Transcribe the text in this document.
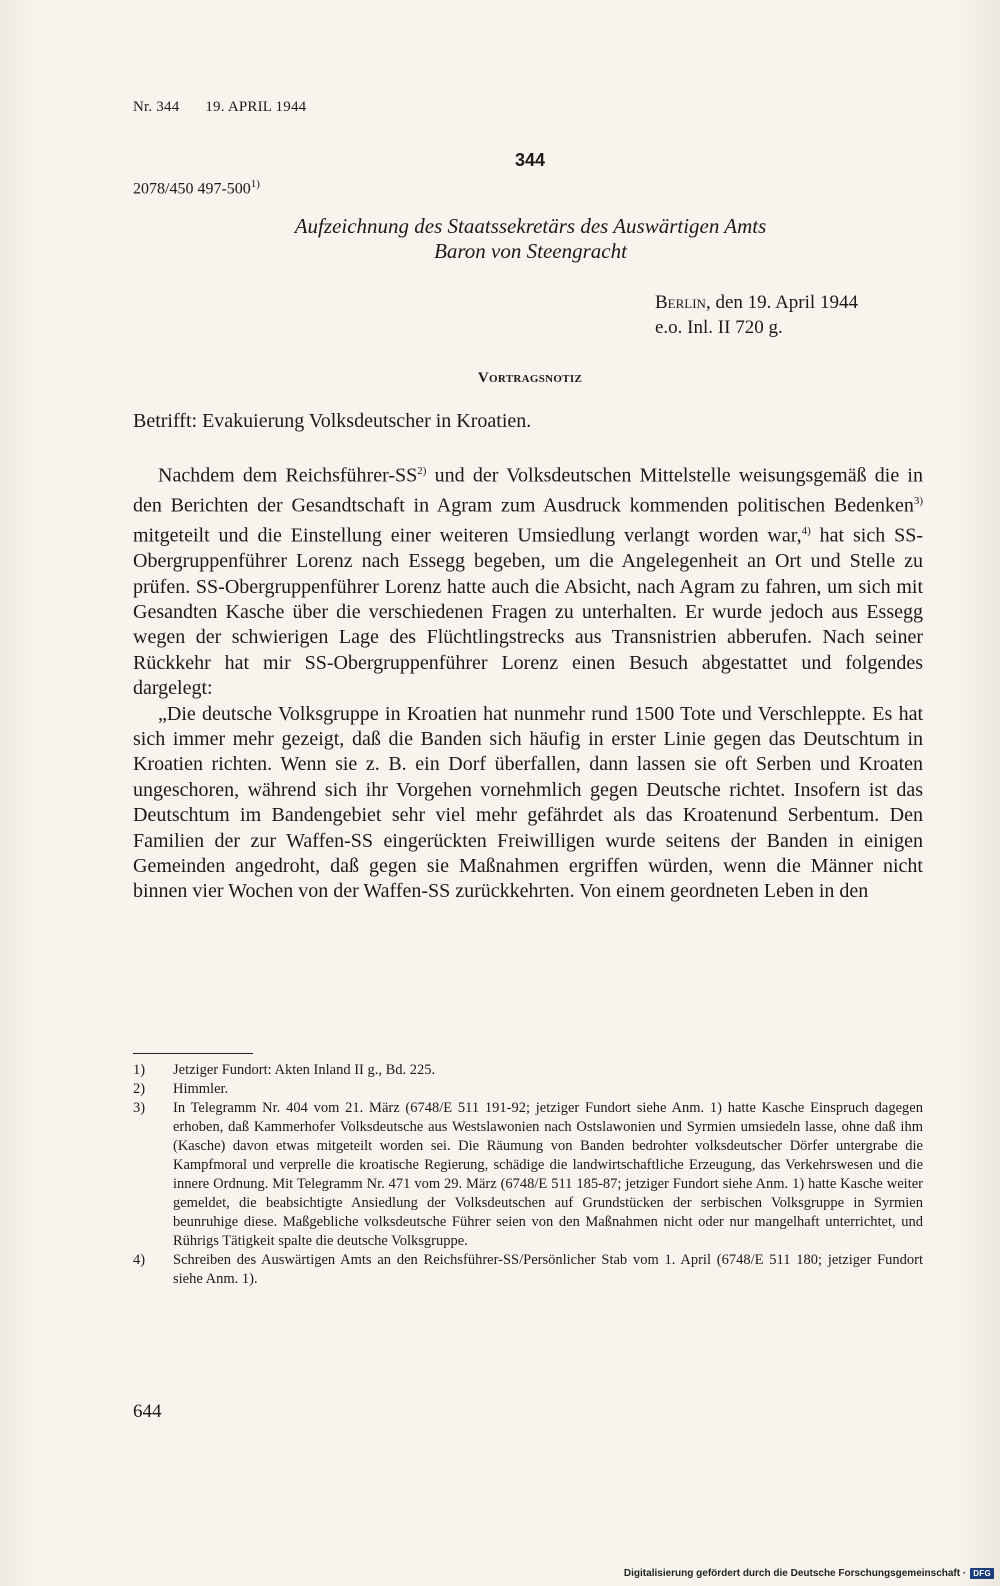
Nr. 344 19. APRIL 1944
344
2078/450 497-500$^{1)}$
Aufzeichnung des Staatssekretärs des Auswärtigen Amts
Baron von Steengracht
Berlin, den 19. April 1944
e.o. Inl. II 720 g.
Vortragsnotiz
Betrifft: Evakuierung Volksdeutscher in Kroatien.

Nachdem dem Reichsführer-SS$^{2)}$ und der Volksdeutschen Mittelstelle weisungsgemäß die in den Berichten der Gesandtschaft in Agram zum Ausdruck kommenden politischen Bedenken$^{3)}$ mitgeteilt und die Einstellung einer weiteren Umsiedlung verlangt worden war,$^{4)}$ hat sich SS-Obergruppenführer Lorenz nach Essegg begeben, um die Angelegenheit an Ort und Stelle zu prüfen. SS-Obergruppenführer Lorenz hatte auch die Absicht, nach Agram zu fahren, um sich mit Gesandten Kasche über die verschiedenen Fragen zu unterhalten. Er wurde jedoch aus Essegg wegen der schwierigen Lage des Flüchtlingstrecks aus Transnistrien abberufen. Nach seiner Rückkehr hat mir SS-Obergruppenführer Lorenz einen Besuch abgestattet und folgendes dargelegt:

„Die deutsche Volksgruppe in Kroatien hat nunmehr rund 1500 Tote und Verschleppte. Es hat sich immer mehr gezeigt, daß die Banden sich häufig in erster Linie gegen das Deutschtum in Kroatien richten. Wenn sie z. B. ein Dorf überfallen, dann lassen sie oft Serben und Kroaten ungeschoren, während sich ihr Vorgehen vornehmlich gegen Deutsche richtet. Insofern ist das Deutschtum im Bandengebiet sehr viel mehr gefährdet als das Kroatenund Serbentum. Den Familien der zur Waffen-SS eingerückten Freiwilligen wurde seitens der Banden in einigen Gemeinden angedroht, daß gegen sie Maßnahmen ergriffen würden, wenn die Männer nicht binnen vier Wochen von der Waffen-SS zurückkehrten. Von einem geordneten Leben in den

1)	Jetziger Fundort: Akten Inland II g., Bd. 225.
2)	Himmler.
3)	In Telegramm Nr. 404 vom 21. März (6748/E 511 191-92; jetziger Fundort siehe Anm. 1) hatte Kasche Einspruch dagegen erhoben, daß Kammerhofer Volksdeutsche aus Westslawonien nach Ostslawonien und Syrmien umsiedeln lasse, ohne daß ihm (Kasche) davon etwas mitgeteilt worden sei. Die Räumung von Banden bedrohter volksdeutscher Dörfer untergrabe die Kampfmoral und verprelle die kroatische Regierung, schädige die landwirtschaftliche Erzeugung, das Verkehrswesen und die innere Ordnung. Mit Telegramm Nr. 471 vom 29. März (6748/E 511 185-87; jetziger Fundort siehe Anm. 1) hatte Kasche weiter gemeldet, die beabsichtigte Ansiedlung der Volksdeutschen auf Grundstücken der serbischen Volksgruppe in Syrmien beunruhige diese. Maßgebliche volksdeutsche Führer seien von den Maßnahmen nicht oder nur mangelhaft unterrichtet, und Rührigs Tätigkeit spalte die deutsche Volksgruppe.
4)	Schreiben des Auswärtigen Amts an den Reichsführer-SS/Persönlicher Stab vom 1. April (6748/E 511 180; jetziger Fundort siehe Anm. 1).
644
Digitalisierung gefördert durch die Deutsche Forschungsgemeinschaft · DFG
